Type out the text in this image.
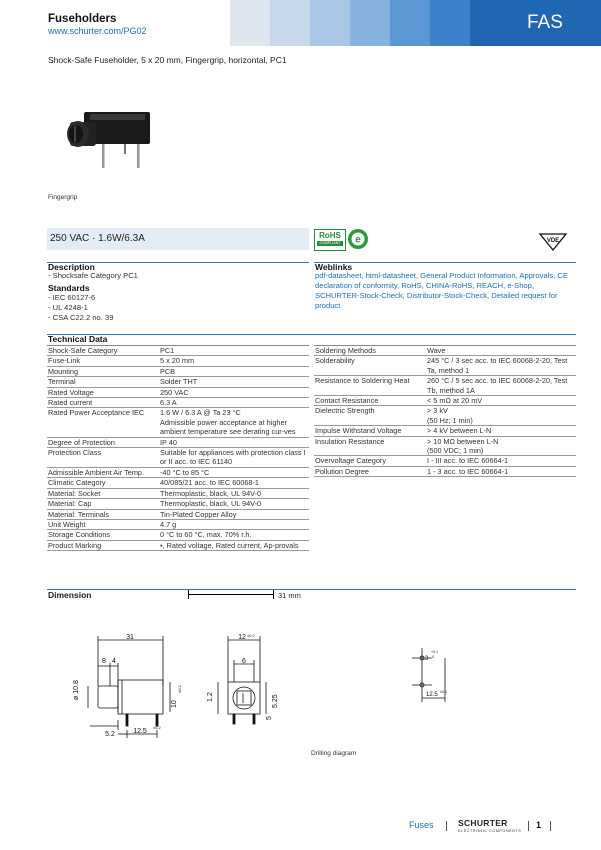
Fuseholders
www.schurter.com/PG02	FAS
Shock-Safe Fuseholder, 5 x 20 mm, Fingergrip, horizontal, PC1
Fingergrip
250 VAC · 1.6W/6.3A	RoHS
COMPLIANT e	VDE
Description
- Shocksafe Category PC1
Standards
- IEC 60127-6
- UL 4248-1
- CSA C22.2 no. 39
Weblinks
pdf-datasheet, html-datasheet, General Product Information, Approvals, CE declaration of conformity, RoHS, CHINA-RoHS, REACH, e-Shop, SCHURTER-Stock-Check, Distributor-Stock-Check, Detailed request for product
Technical Data
Shock-Safe Category	PC1
Fuse-Link	5 x 20 mm
Mounting	PCB
Terminal	Solder THT
Rated Voltage	250 VAC
Rated current	6.3 A
Rated Power Acceptance IEC	1.6 W / 6.3 A @ Ta 23 °C
Admissible power acceptance at higher ambient temperature see derating cur-ves
Degree of Protection	IP 40
Protection Class	Suitable for appliances with protection class I or II acc. to IEC 61140
Admissible Ambient Air Temp.	-40 °C to 85 °C
Climatic Category	40/085/21 acc. to IEC 60068-1
Material: Socket	Thermoplastic, black, UL 94V-0
Material: Cap	Thermoplastic, black, UL 94V-0
Material: Terminals	Tin-Plated Copper Alloy
Unit Weight	4.7 g
Storage Conditions	0 °C to 60 °C, max. 70% r.h.
Product Marking	▪, Rated voltage, Rated current, Ap-provals
Soldering Methods	Wave
Solderability	245 °C / 3 sec acc. to IEC 60068-2-20, Test Ta, method 1
Resistance to Soldering Heat	260 °C / 5 sec acc. to IEC 60068-2-20, Test Tb, method 1A
Contact Resistance	< 5 mΩ at 20 mV
Dielectric Strength	> 3 kV
(50 Hz; 1 min)
Impulse Withstand Voltage	> 4 kV between L-N
Insulation Resistance	> 10 MΩ between L-N
(500 VDC; 1 min)
Overvoltage Category	I - III acc. to IEC 60664-1
Pollution Degree	1 - 3 acc. to IEC 60664-1
Dimension	31 mm
31
8 4
ø 10.8
10
±0.2
5.2	12.5
±0.2
12 ±0.2
6
1.2
5
5.25
1.3
+0.1
0
12.5 ±0.1
Drilling diagram
Fuses	SCHURTER
ELECTRONIC COMPONENTS
1
